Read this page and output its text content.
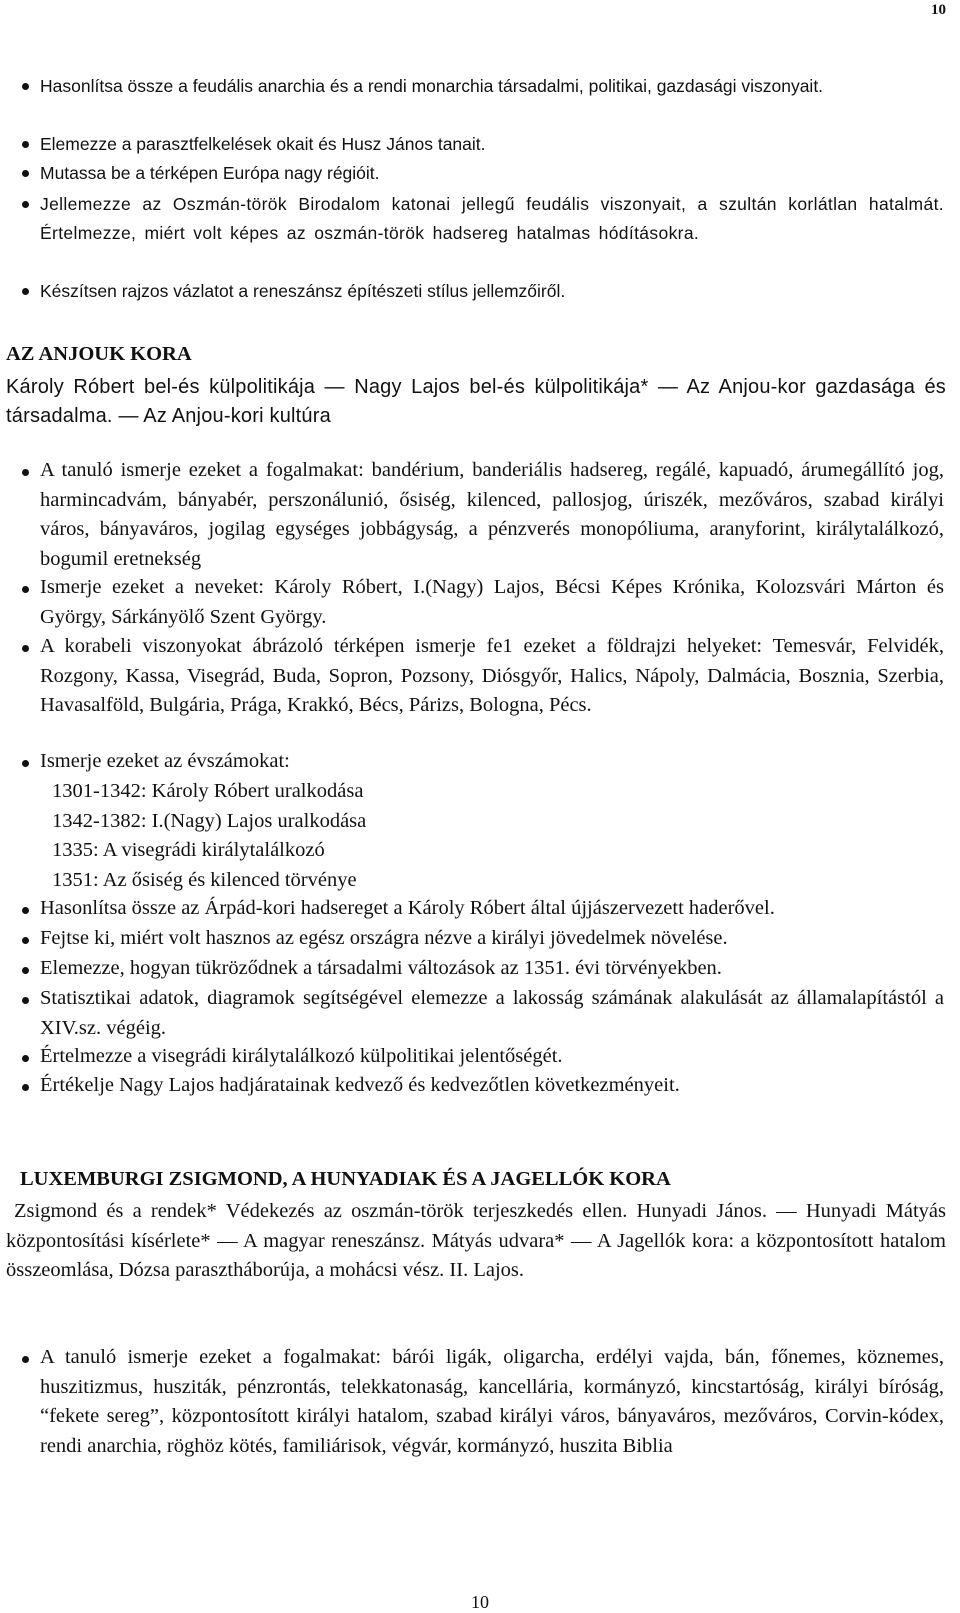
10
Hasonlítsa össze a feudális anarchia és a rendi monarchia társadalmi, politikai, gazdasági viszonyait.
Elemezze a parasztfelkelések okait és Husz János tanait.
Mutassa be a térképen Európa nagy régióit.
Jellemezze az Oszmán-török Birodalom katonai jellegű feudális viszonyait, a szultán korlátlan hatalmát. Értelmezze, miért volt képes az oszmán-török hadsereg hatalmas hódításokra.
Készítsen rajzos vázlatot a reneszánsz építészeti stílus jellemzőiről.
AZ ANJOUK KORA
Károly Róbert bel-és külpolitikája ― Nagy Lajos bel-és külpolitikája* ― Az Anjou-kor gazdasága és társadalma. ― Az Anjou-kori kultúra
A tanuló ismerje ezeket a fogalmakat: bandérium, banderiális hadsereg, regálé, kapuadó, árumegállító jog, harmincadvám, bányabér, perszonálunió, ősiség, kilenced, pallosjog, úriszék, mezőváros, szabad királyi város, bányaváros, jogilag egységes jobbágyság, a pénzverés monopóliuma, aranyforint, királytalálkozó, bogumil eretnekség
Ismerje ezeket a neveket: Károly Róbert, I.(Nagy) Lajos, Bécsi Képes Krónika, Kolozsvári Márton és György, Sárkányölő Szent György.
A korabeli viszonyokat ábrázoló térképen ismerje fe1 ezeket a földrajzi helyeket: Temesvár, Felvidék, Rozgony, Kassa, Visegrád, Buda, Sopron, Pozsony, Diósgyőr, Halics, Nápoly, Dalmácia, Bosznia, Szerbia, Havasalföld, Bulgária, Prága, Krakkó, Bécs, Párizs, Bologna, Pécs.
Ismerje ezeket az évszámokat:
1301-1342: Károly Róbert uralkodása
1342-1382: I.(Nagy) Lajos uralkodása
1335: A visegrádi királytalálkozó
1351: Az ősiség és kilenced törvénye
Hasonlítsa össze az Árpád-kori hadsereget a Károly Róbert által újjászervezett haderővel.
Fejtse ki, miért volt hasznos az egész országra nézve a királyi jövedelmek növelése.
Elemezze, hogyan tükröződnek a társadalmi változások az 1351. évi törvényekben.
Statisztikai adatok, diagramok segítségével elemezze a lakosság számának alakulását az államalapítástól a XIV.sz. végéig.
Értelmezze a visegrádi királytalálkozó külpolitikai jelentőségét.
Értékelje Nagy Lajos hadjáratainak kedvező és kedvezőtlen következményeit.
LUXEMBURGI ZSIGMOND, A HUNYADIAK ÉS A JAGELLÓK KORA
Zsigmond és a rendek* Védekezés az oszmán-török terjeszkedés ellen. Hunyadi János. ― Hunyadi Mátyás központosítási kísérlete* ― A magyar reneszánsz. Mátyás udvara* ― A Jagellók kora: a központosított hatalom összeomlása, Dózsa parasztháborúja, a mohácsi vész. II. Lajos.
A tanuló ismerje ezeket a fogalmakat: bárói ligák, oligarcha, erdélyi vajda, bán, főnemes, köznemes, huszitizmus, husziták, pénzrontás, telekkatonaság, kancellária, kormányzó, kincstartóság, királyi bíróság, “fekete sereg”, központosított királyi hatalom, szabad királyi város, bányaváros, mezőváros, Corvin-kódex, rendi anarchia, röghöz kötés, familiárisok, végvár, kormányzó, huszita Biblia
10
